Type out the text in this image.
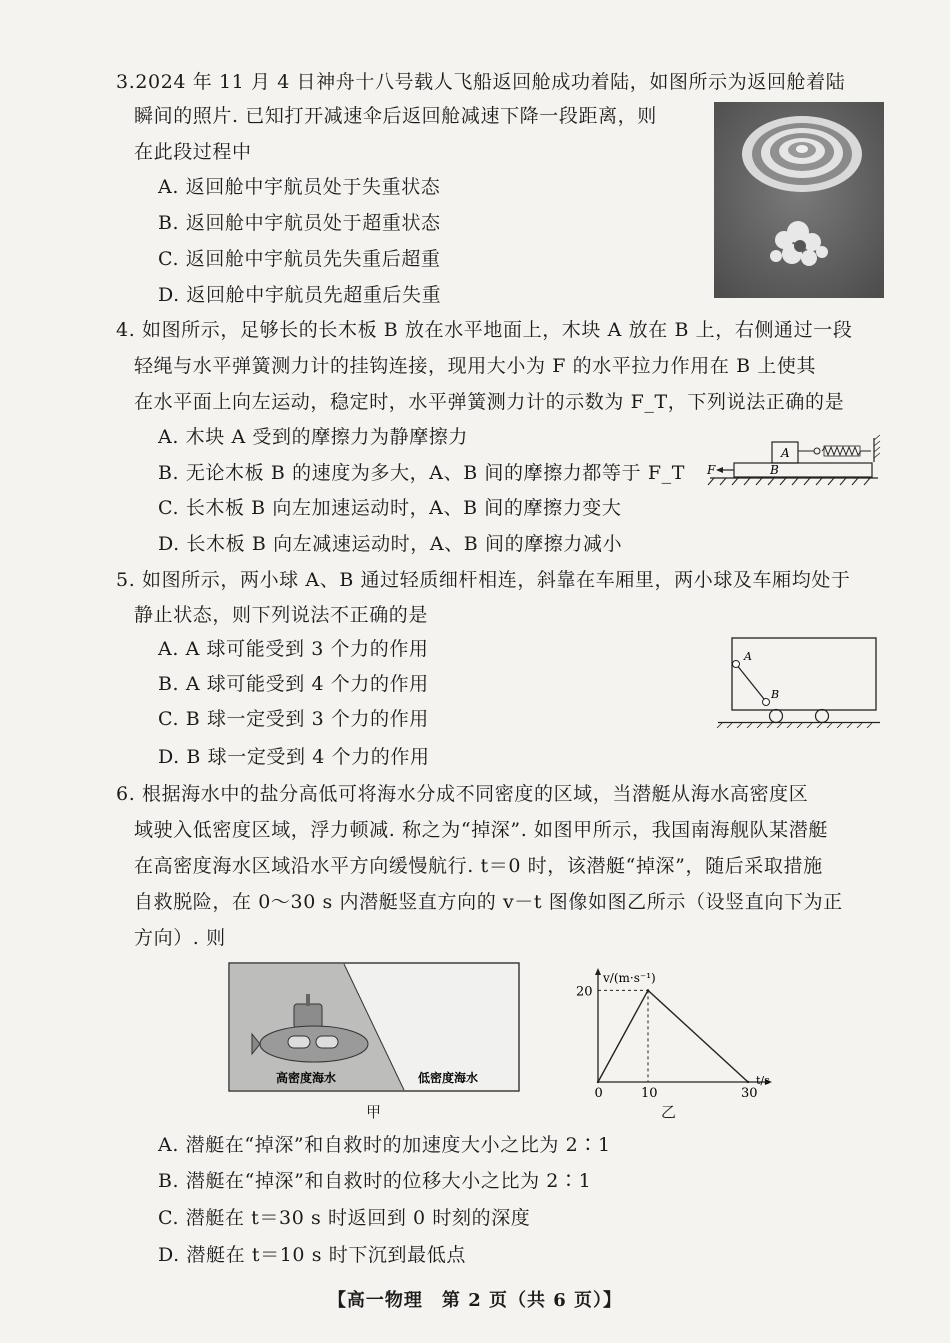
3.2024 年 11 月 4 日神舟十八号载人飞船返回舱成功着陆，如图所示为返回舱着陆
瞬间的照片. 已知打开减速伞后返回舱减速下降一段距离，则
在此段过程中
A. 返回舱中宇航员处于失重状态
B. 返回舱中宇航员处于超重状态
C. 返回舱中宇航员先失重后超重
D. 返回舱中宇航员先超重后失重
4. 如图所示，足够长的长木板 B 放在水平地面上，木块 A 放在 B 上，右侧通过一段
轻绳与水平弹簧测力计的挂钩连接，现用大小为 F 的水平拉力作用在 B 上使其
在水平面上向左运动，稳定时，水平弹簧测力计的示数为 F_T，下列说法正确的是
A. 木块 A 受到的摩擦力为静摩擦力
B. 无论木板 B 的速度为多大，A、B 间的摩擦力都等于 F_T
C. 长木板 B 向左加速运动时，A、B 间的摩擦力变大
D. 长木板 B 向左减速运动时，A、B 间的摩擦力减小
A
B
F
5. 如图所示，两小球 A、B 通过轻质细杆相连，斜靠在车厢里，两小球及车厢均处于
静止状态，则下列说法不正确的是
A. A 球可能受到 3 个力的作用
B. A 球可能受到 4 个力的作用
C. B 球一定受到 3 个力的作用
D. B 球一定受到 4 个力的作用
A
B
6. 根据海水中的盐分高低可将海水分成不同密度的区域，当潜艇从海水高密度区
域驶入低密度区域，浮力顿减. 称之为“掉深”. 如图甲所示，我国南海舰队某潜艇
在高密度海水区域沿水平方向缓慢航行. t＝0 时，该潜艇“掉深”，随后采取措施
自救脱险，在 0～30 s 内潜艇竖直方向的 v－t 图像如图乙所示（设竖直向下为正
方向）. 则
高密度海水	低密度海水
甲
v/(m·s⁻¹)
t/s
0	10	30
20
乙
A. 潜艇在“掉深”和自救时的加速度大小之比为 2∶1
B. 潜艇在“掉深”和自救时的位移大小之比为 2∶1
C. 潜艇在 t＝30 s 时返回到 0 时刻的深度
D. 潜艇在 t＝10 s 时下沉到最低点
【高一物理　第 2 页（共 6 页）】
